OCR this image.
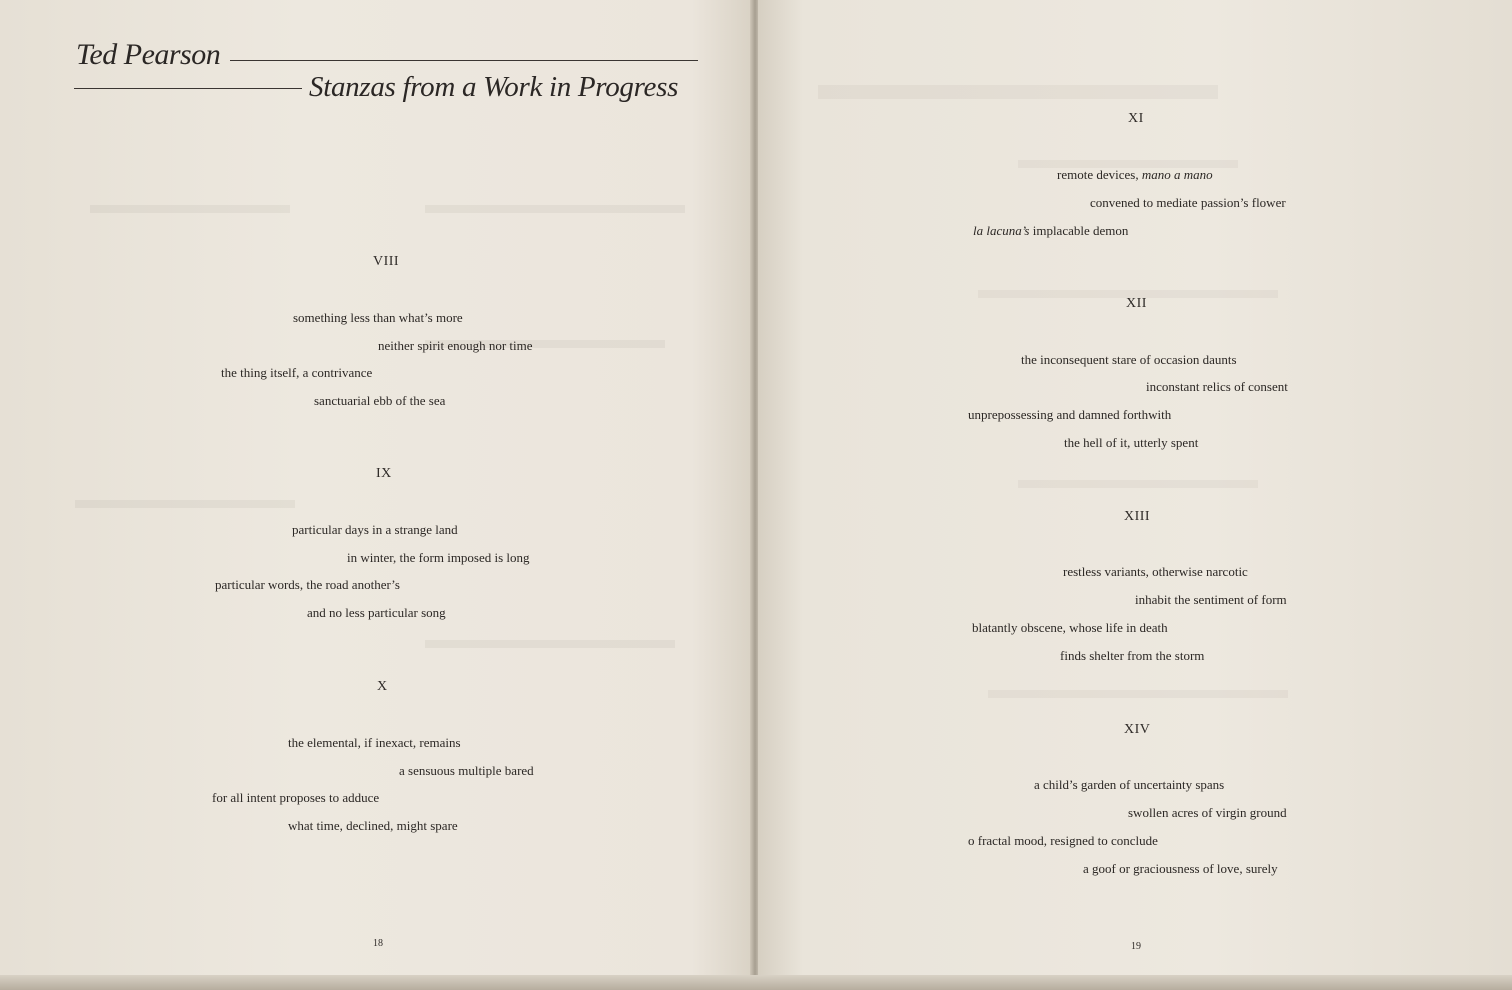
Ted Pearson
Stanzas from a Work in Progress
VIII
something less than what’s more
neither spirit enough nor time
the thing itself, a contrivance
sanctuarial ebb of the sea
IX
particular days in a strange land
in winter, the form imposed is long
particular words, the road another’s
and no less particular song
X
the elemental, if inexact, remains
a sensuous multiple bared
for all intent proposes to adduce
what time, declined, might spare
18
XI
remote devices, mano a mano
convened to mediate passion’s flower
la lacuna’s implacable demon
XII
the inconsequent stare of occasion daunts
inconstant relics of consent
unprepossessing and damned forthwith
the hell of it, utterly spent
XIII
restless variants, otherwise narcotic
inhabit the sentiment of form
blatantly obscene, whose life in death
finds shelter from the storm
XIV
a child’s garden of uncertainty spans
swollen acres of virgin ground
o fractal mood, resigned to conclude
a goof or graciousness of love, surely
19
